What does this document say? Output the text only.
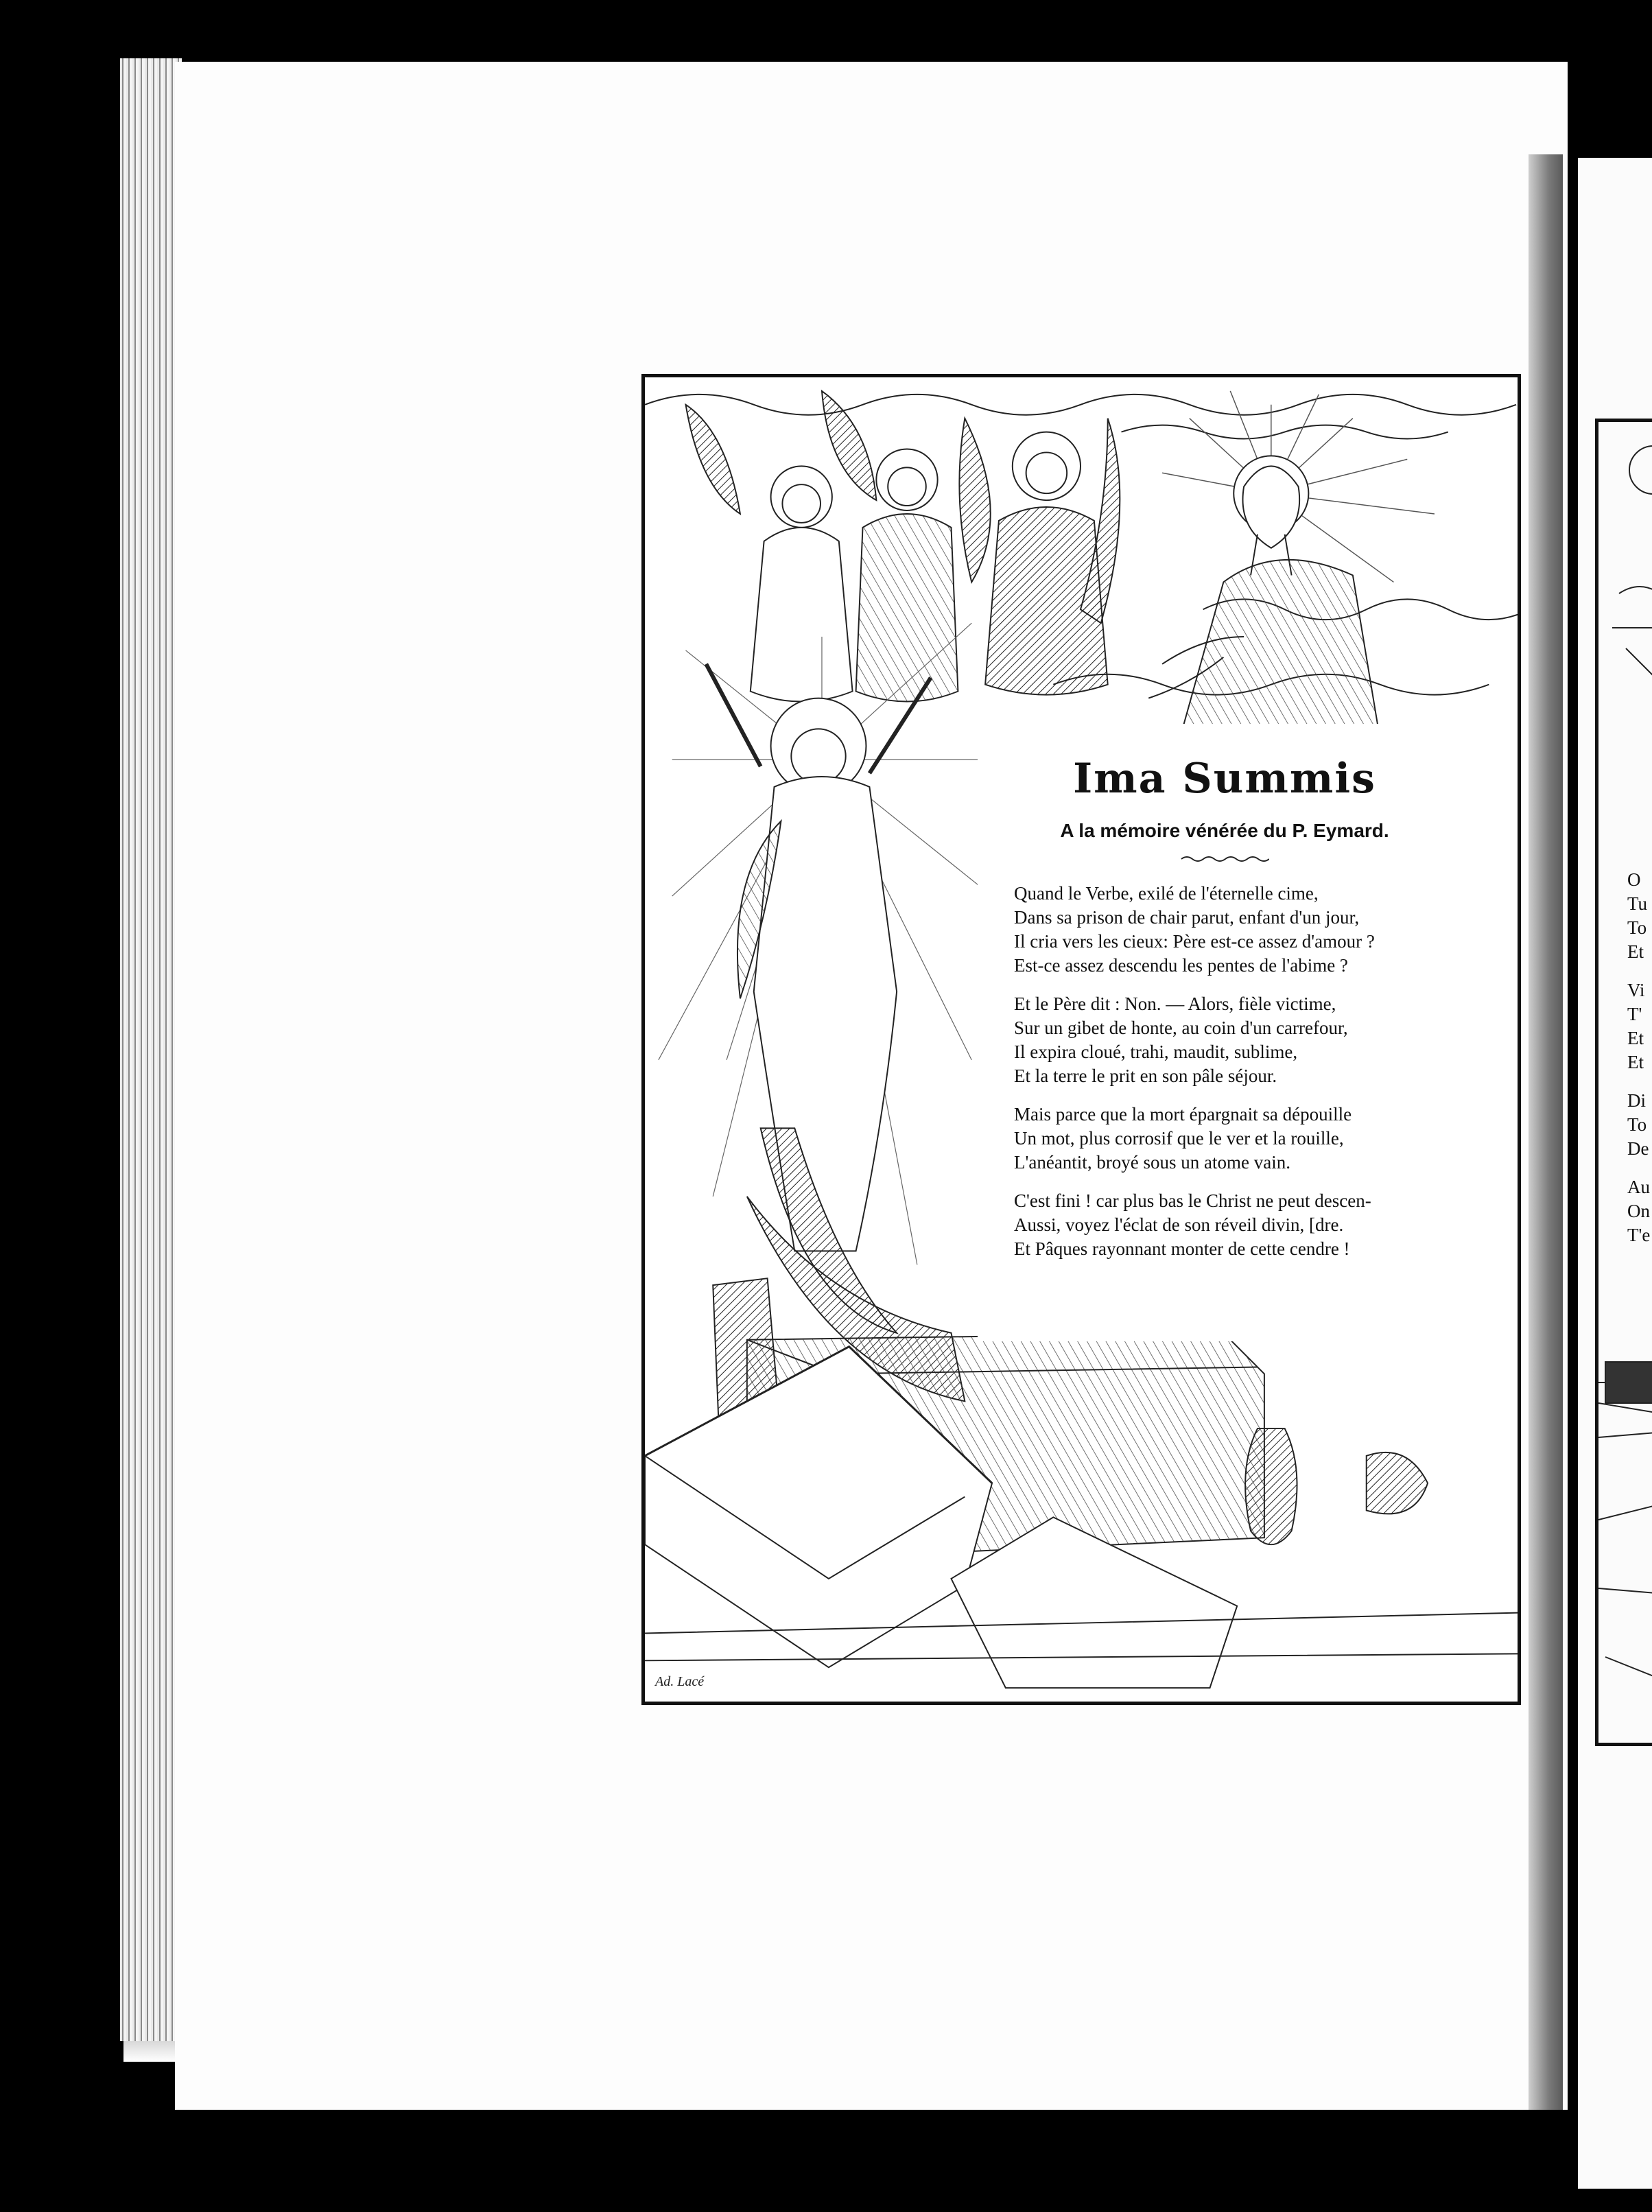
O
Tu
To
Et
Vi
T'
Et
Et
Di
To
De
Au
On
T'e
Ima Summis
A la mémoire vénérée du P. Eymard.
Quand le Verbe, exilé de l'éternelle cime,
Dans sa prison de chair parut, enfant d'un jour,
Il cria vers les cieux: Père est-ce assez d'amour ?
Est-ce assez descendu les pentes de l'abime ?
Et le Père dit : Non. — Alors, fièle victime,
Sur un gibet de honte, au coin d'un carrefour,
Il expira cloué, trahi, maudit, sublime,
Et la terre le prit en son pâle séjour.
Mais parce que la mort épargnait sa dépouille
Un mot, plus corrosif que le ver et la rouille,
L'anéantit, broyé sous un atome vain.
C'est fini ! car plus bas le Christ ne peut descen-
Aussi, voyez l'éclat de son réveil divin, [dre.
Et Pâques rayonnant monter de cette cendre !
Ad. Lacé
